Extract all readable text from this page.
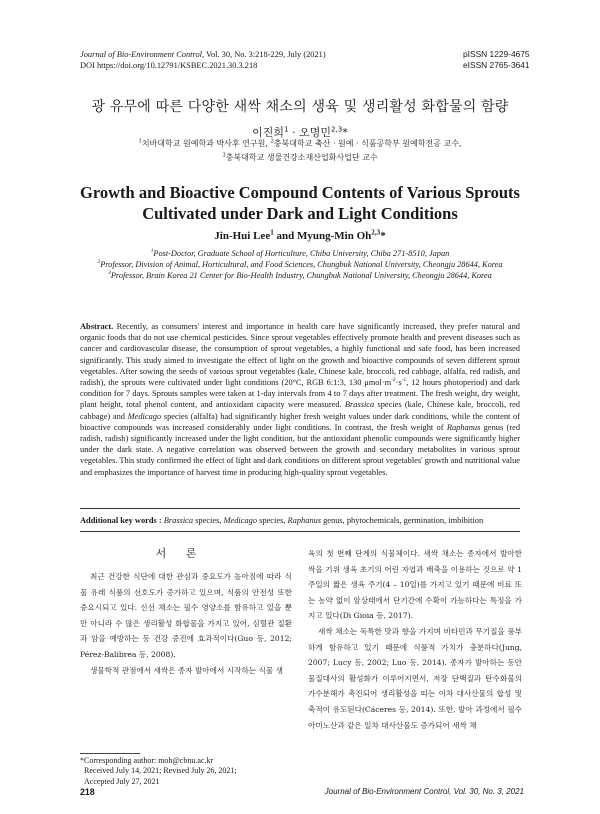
Journal of Bio-Environment Control, Vol. 30, No. 3:218-229, July (2021)
DOI https://doi.org/10.12791/KSBEC.2021.30.3.218
pISSN 1229-4675
eISSN 2765-3641
광 유무에 따른 다양한 새싹 채소의 생육 및 생리활성 화합물의 함량
이진희$^1$ · 오명민$^{2,3}$*
$^1$치바대학교 원예학과 박사후 연구원, $^2$충북대학교 축산 · 원예 · 식품공학부 원예학전공 교수,
$^3$충북대학교 생물건강소재산업화사업단 교수
Growth and Bioactive Compound Contents of Various Sprouts Cultivated under Dark and Light Conditions
Jin-Hui Lee$^1$ and Myung-Min Oh$^{2,3}$*
$^1$Post-Doctor, Graduate School of Horticulture, Chiba University, Chiba 271-8510, Japan
$^2$Professor, Division of Animal, Horticultural, and Food Sciences, Chungbuk National University, Cheongju 28644, Korea
$^3$Professor, Brain Korea 21 Center for Bio-Health Industry, Chungbuk National University, Cheongju 28644, Korea
Abstract. Recently, as consumers' interest and importance in health care have significantly increased, they prefer natural and organic foods that do not use chemical pesticides. Since sprout vegetables effectively promote health and prevent diseases such as cancer and cardiovascular disease, the consumption of sprout vegetables, a highly functional and safe food, has been increased significantly. This study aimed to investigate the effect of light on the growth and bioactive compounds of seven different sprout vegetables. After sowing the seeds of various sprout vegetables (kale, Chinese kale, broccoli, red cabbage, alfalfa, red radish, and radish), the sprouts were cultivated under light conditions (20°C, RGB 6:1:3, 130 $\mu mol\cdot m^{-2}\cdot s^{-1}$, 12 hours photoperiod) and dark condition for 7 days. Sprouts samples were taken at 1-day intervals from 4 to 7 days after treatment. The fresh weight, dry weight, plant height, total phenol content, and antioxidant capacity were measured. Brassica species (kale, Chinese kale, broccoli, red cabbage) and Medicago species (alfalfa) had significantly higher fresh weight values under dark conditions, while the content of bioactive compounds was increased considerably under light conditions. In contrast, the fresh weight of Raphanus genus (red radish, radish) significantly increased under the light condition, but the antioxidant phenolic compounds were significantly higher under the dark state. A negative correlation was observed between the growth and secondary metabolites in various sprout vegetables. This study confirmed the effect of light and dark conditions on different sprout vegetables' growth and nutritional value and emphasizes the importance of harvest time in producing high-quality sprout vegetables.
Additional key words : Brassica species, Medicago species, Raphanus genus, phytochemicals, germination, imbibition
서 론

최근 건강한 식단에 대한 관심과 중요도가 높아짐에 따라 식물 유래 식품의 선호도가 증가하고 있으며, 식품의 안전성 또한 중요시되고 있다. 신선 채소는 필수 영양소를 함유하고 있을 뿐만 아니라 수 많은 생리활성 화합물을 가지고 있어, 심혈관 질환과 암을 예방하는 등 건강 증진에 효과적이다(Guo 등, 2012; Pérez-Balibrea 등, 2008).

생물학적 관점에서 새싹은 종자 발아에서 시작하는 식물 생

*Corresponding author: moh@cbnu.ac.kr
Received July 14, 2021; Revised July 26, 2021;
Accepted July 27, 2021

육의 첫 번째 단계의 식물체이다. 새싹 채소는 종자에서 발아한 싹을 기위 생육 초기의 어린 자엽과 배축을 이용하는 것으로 약 1주일의 짧은 생육 주기(4 – 10일)를 가지고 있기 때문에 비료 또는 농약 없이 암상태에서 단기간에 수확이 가능하다는 특징을 가지고 있다(Di Gioia 등, 2017).

새싹 채소는 독특한 맛과 향을 가지며 비타민과 무기질을 풍부하게 함유하고 있기 때문에 식품적 가치가 충분하다(Jung, 2007; Lucy 등, 2002; Luo 등, 2014). 종자가 발아하는 동안 물질대사의 활성화가 이루어지면서, 저장 단백질과 탄수화물의 가수분해가 촉진되어 생리활성을 띠는 이차 대사산물의 합성 및 축적이 유도된다(Cáceres 등, 2014). 또한, 발아 과정에서 필수 아미노산과 같은 일차 대사산물도 증가되어 새싹 채

218	Journal of Bio-Environment Control, Vol. 30, No. 3, 2021
